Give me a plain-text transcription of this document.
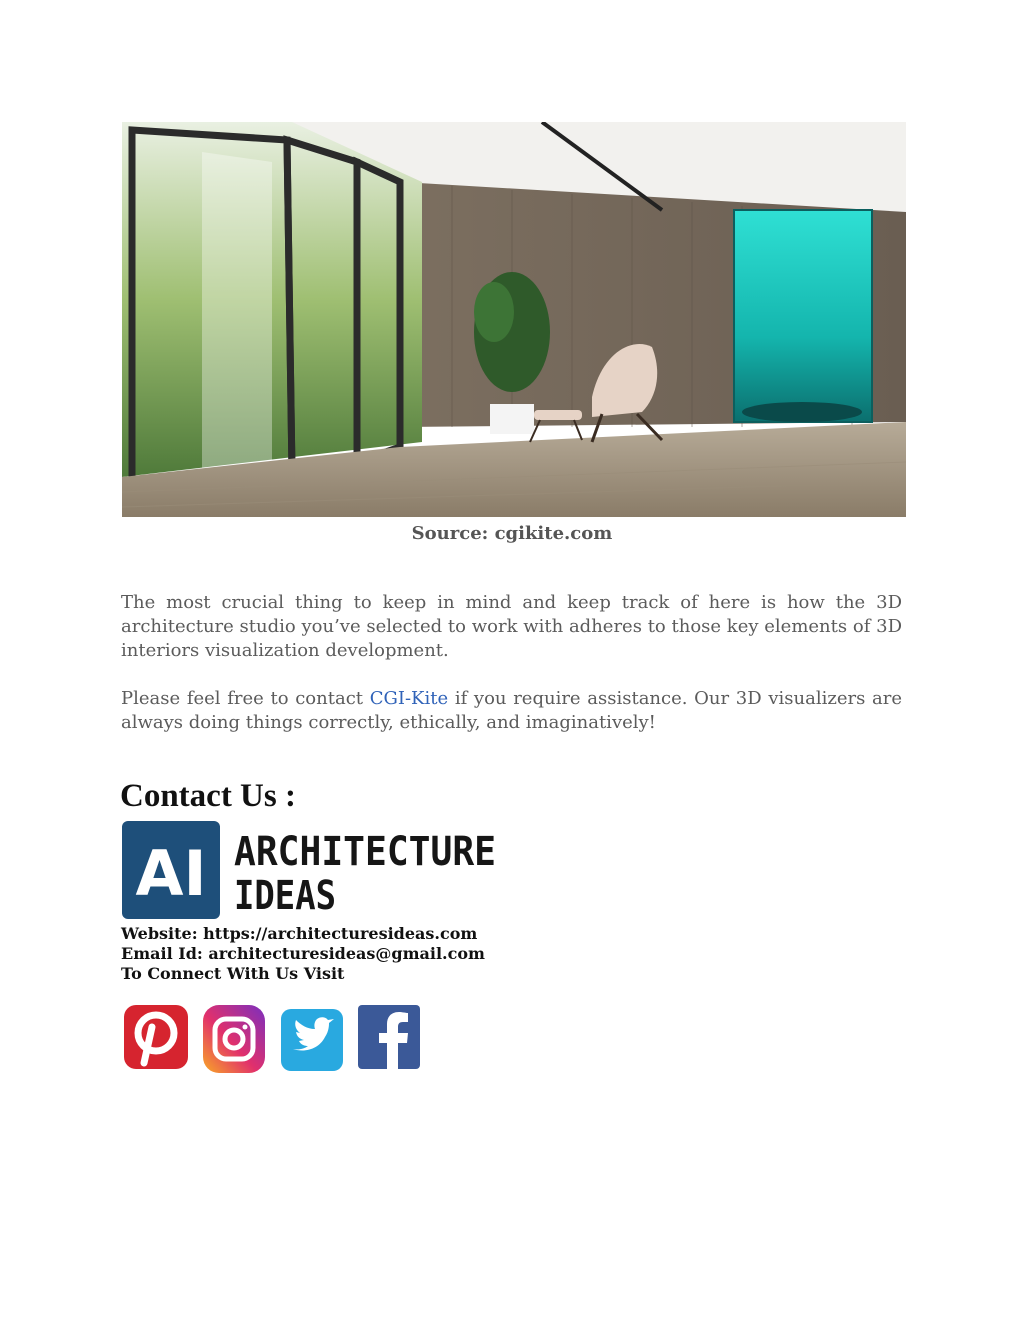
Source: cgikite.com

The most crucial thing to keep in mind and keep track of here is how the 3D architecture studio you’ve selected to work with adheres to those key elements of 3D interiors visualization development.

Please feel free to contact CGI-Kite if you require assistance. Our 3D visualizers are always doing things correctly, ethically, and imaginatively!

Contact Us :
AI ARCHITECTURE
IDEAS
Website: https://architecturesideas.com
Email Id: architecturesideas@gmail.com
To Connect With Us Visit
